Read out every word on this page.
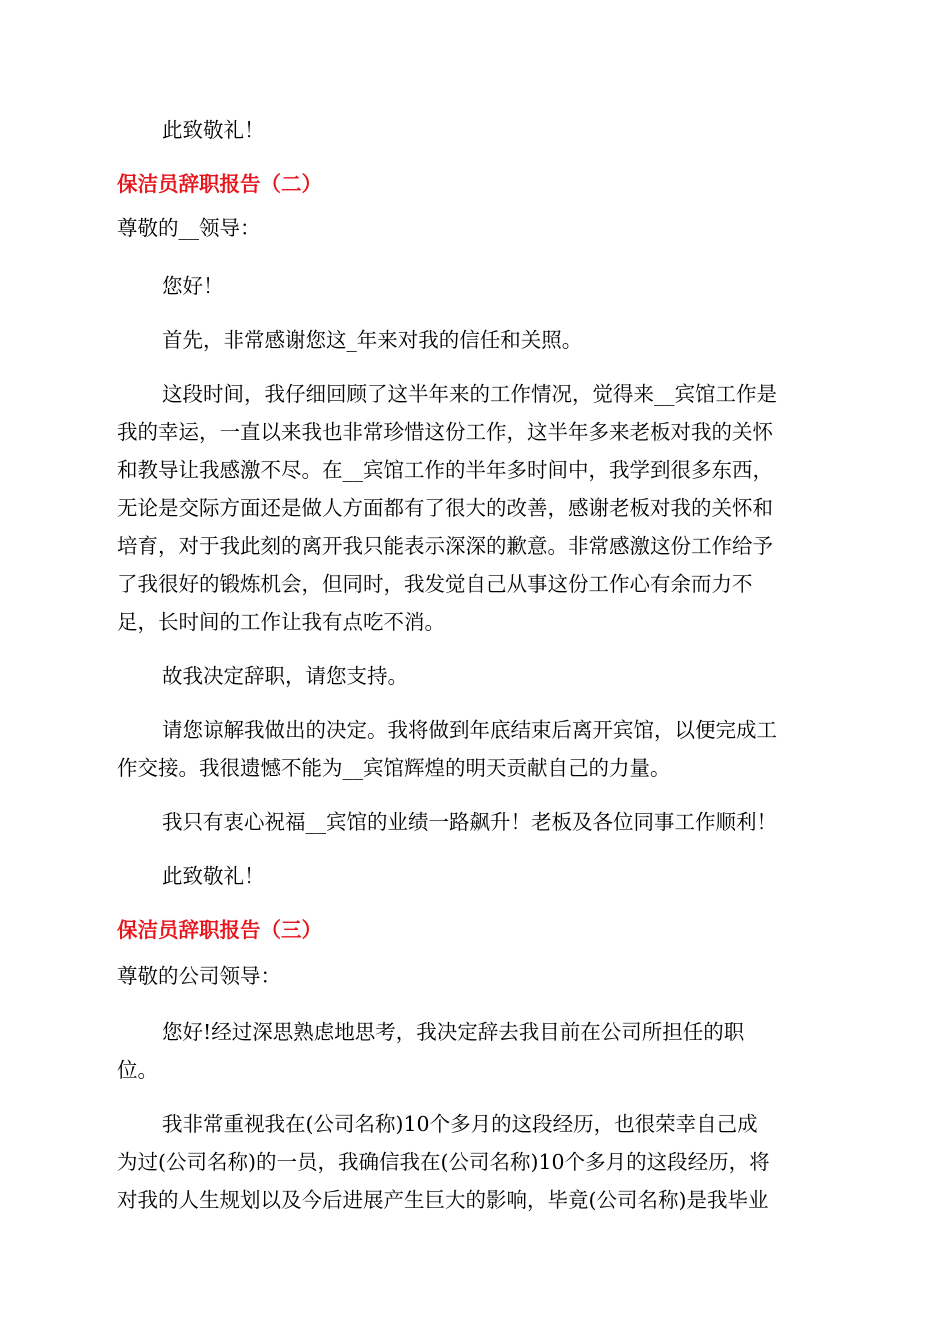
此致敬礼！
保洁员辞职报告（二）
尊敬的__领导：
您好！
首先，非常感谢您这_年来对我的信任和关照。
这段时间，我仔细回顾了这半年来的工作情况，觉得来__宾馆工作是
我的幸运，一直以来我也非常珍惜这份工作，这半年多来老板对我的关怀
和教导让我感激不尽。在__宾馆工作的半年多时间中，我学到很多东西，
无论是交际方面还是做人方面都有了很大的改善，感谢老板对我的关怀和
培育，对于我此刻的离开我只能表示深深的歉意。非常感激这份工作给予
了我很好的锻炼机会，但同时，我发觉自己从事这份工作心有余而力不
足，长时间的工作让我有点吃不消。
故我决定辞职，请您支持。
请您谅解我做出的决定。我将做到年底结束后离开宾馆，以便完成工
作交接。我很遗憾不能为__宾馆辉煌的明天贡献自己的力量。
我只有衷心祝福__宾馆的业绩一路飙升！老板及各位同事工作顺利！
此致敬礼！
保洁员辞职报告（三）
尊敬的公司领导：
您好!经过深思熟虑地思考，我决定辞去我目前在公司所担任的职
位。
我非常重视我在(公司名称)10个多月的这段经历，也很荣幸自己成
为过(公司名称)的一员，我确信我在(公司名称)10个多月的这段经历，将
对我的人生规划以及今后进展产生巨大的影响，毕竟(公司名称)是我毕业
